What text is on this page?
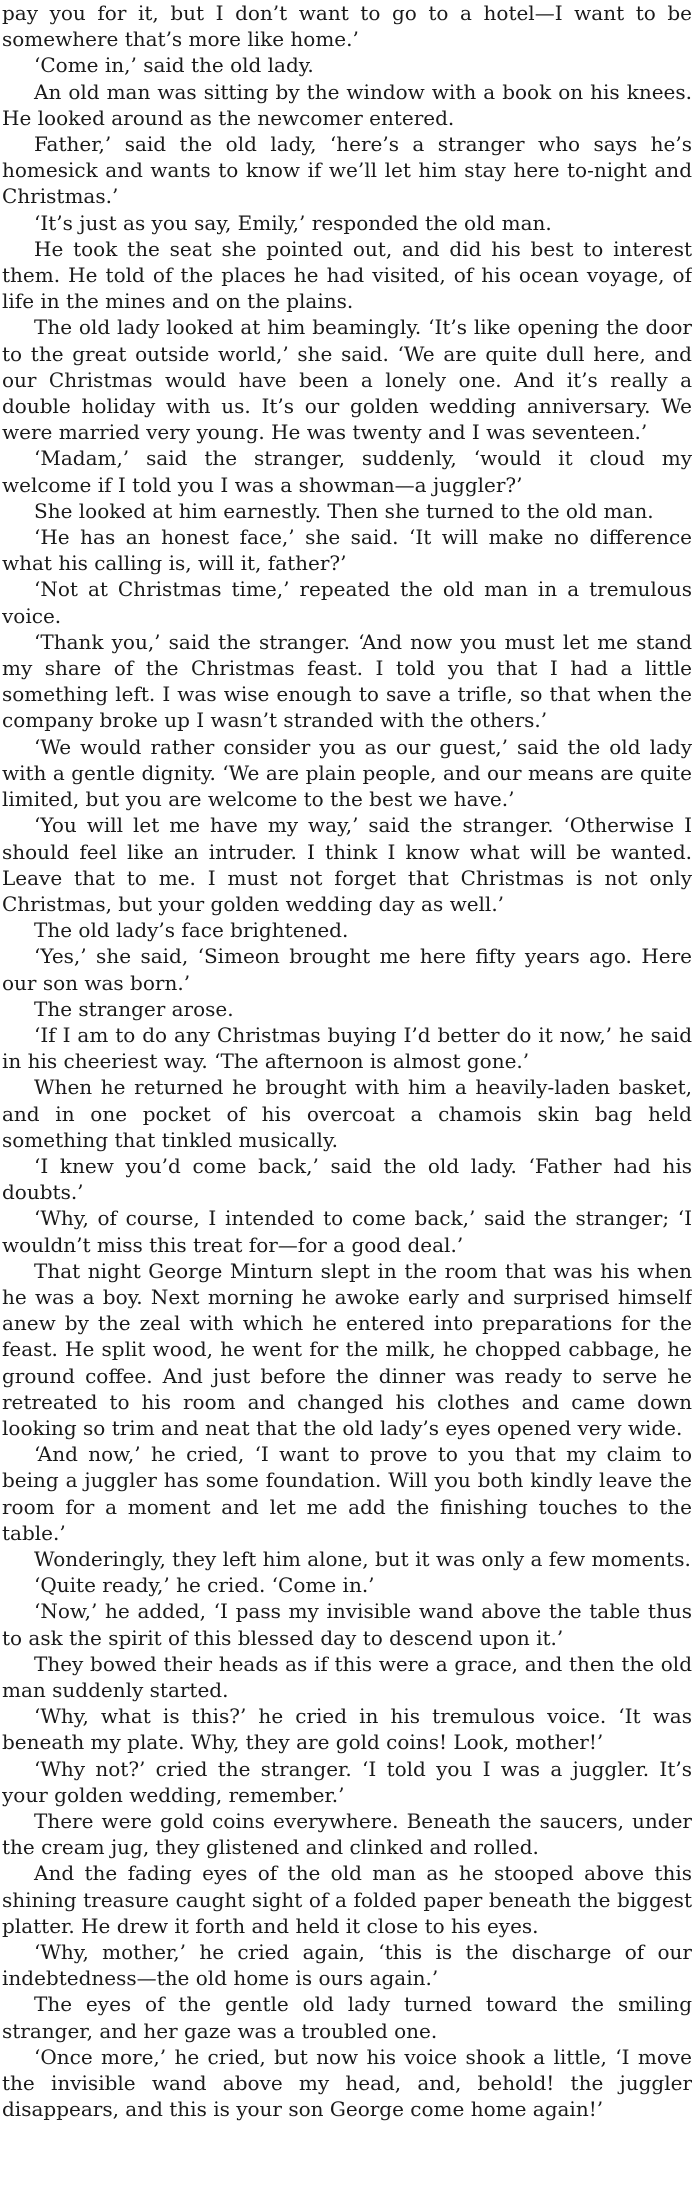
pay you for it, but I don’t want to go to a hotel—I want to be somewhere that’s more like home.’

‘Come in,’ said the old lady.

An old man was sitting by the window with a book on his knees. He looked around as the newcomer entered.

Father,’ said the old lady, ‘here’s a stranger who says he’s homesick and wants to know if we’ll let him stay here to-night and Christmas.’

‘It’s just as you say, Emily,’ responded the old man.

He took the seat she pointed out, and did his best to interest them. He told of the places he had visited, of his ocean voyage, of life in the mines and on the plains.

The old lady looked at him beamingly. ‘It’s like opening the door to the great outside world,’ she said. ‘We are quite dull here, and our Christmas would have been a lonely one. And it’s really a double holiday with us. It’s our golden wedding anniversary. We were married very young. He was twenty and I was seventeen.’

‘Madam,’ said the stranger, suddenly, ‘would it cloud my welcome if I told you I was a showman—a juggler?’

She looked at him earnestly. Then she turned to the old man.

‘He has an honest face,’ she said. ‘It will make no difference what his calling is, will it, father?’

‘Not at Christmas time,’ repeated the old man in a tremulous voice.

‘Thank you,’ said the stranger. ‘And now you must let me stand my share of the Christmas feast. I told you that I had a little something left. I was wise enough to save a trifle, so that when the company broke up I wasn’t stranded with the others.’

‘We would rather consider you as our guest,’ said the old lady with a gentle dignity. ‘We are plain people, and our means are quite limited, but you are welcome to the best we have.’

‘You will let me have my way,’ said the stranger. ‘Otherwise I should feel like an intruder. I think I know what will be wanted. Leave that to me. I must not forget that Christmas is not only Christmas, but your golden wedding day as well.’

The old lady’s face brightened.

‘Yes,’ she said, ‘Simeon brought me here fifty years ago. Here our son was born.’

The stranger arose.

‘If I am to do any Christmas buying I’d better do it now,’ he said in his cheeriest way. ‘The afternoon is almost gone.’

When he returned he brought with him a heavily-laden basket, and in one pocket of his overcoat a chamois skin bag held something that tinkled musically.

‘I knew you’d come back,’ said the old lady. ‘Father had his doubts.’

‘Why, of course, I intended to come back,’ said the stranger; ‘I wouldn’t miss this treat for—for a good deal.’

That night George Minturn slept in the room that was his when he was a boy. Next morning he awoke early and surprised himself anew by the zeal with which he entered into preparations for the feast. He split wood, he went for the milk, he chopped cabbage, he ground coffee. And just before the dinner was ready to serve he retreated to his room and changed his clothes and came down looking so trim and neat that the old lady’s eyes opened very wide.

‘And now,’ he cried, ‘I want to prove to you that my claim to being a juggler has some foundation. Will you both kindly leave the room for a moment and let me add the finishing touches to the table.’

Wonderingly, they left him alone, but it was only a few moments.

‘Quite ready,’ he cried. ‘Come in.’

‘Now,’ he added, ‘I pass my invisible wand above the table thus to ask the spirit of this blessed day to descend upon it.’

They bowed their heads as if this were a grace, and then the old man suddenly started.

‘Why, what is this?’ he cried in his tremulous voice. ‘It was beneath my plate. Why, they are gold coins! Look, mother!’

‘Why not?’ cried the stranger. ‘I told you I was a juggler. It’s your golden wedding, remember.’

There were gold coins everywhere. Beneath the saucers, under the cream jug, they glistened and clinked and rolled.

And the fading eyes of the old man as he stooped above this shining treasure caught sight of a folded paper beneath the biggest platter. He drew it forth and held it close to his eyes.

‘Why, mother,’ he cried again, ‘this is the discharge of our indebtedness—the old home is ours again.’

The eyes of the gentle old lady turned toward the smiling stranger, and her gaze was a troubled one.

‘Once more,’ he cried, but now his voice shook a little, ‘I move the invisible wand above my head, and, behold! the juggler disappears, and this is your son George come home again!’
